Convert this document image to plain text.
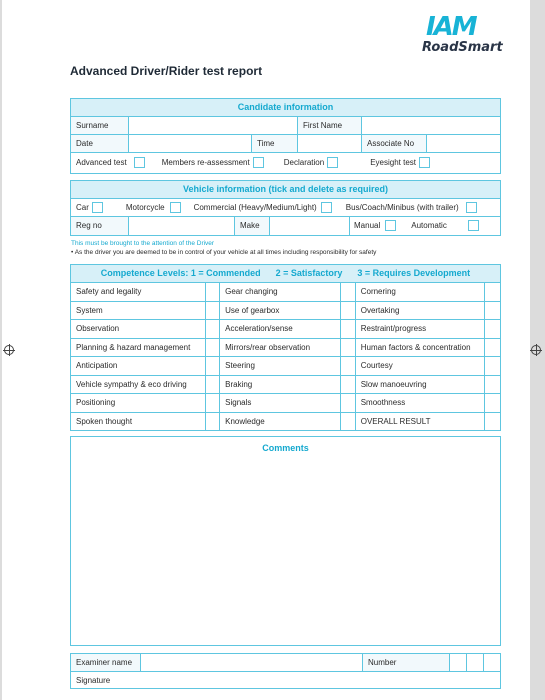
IAM
RoadSmart
Advanced Driver/Rider test report
Candidate information
Surname	First Name
Date	Time	Associate No
Advanced test	Members re-assessment	Declaration	Eyesight test
Vehicle information (tick and delete as required)
Car	Motorcycle	Commercial (Heavy/Medium/Light)	Bus/Coach/Minibus (with trailer)
Reg no	Make	Manual	Automatic
This must be brought to the attention of the Driver
• As the driver you are deemed to be in control of your vehicle at all times including responsibility for safety
Competence Levels: 1 = Commended      2 = Satisfactory      3 = Requires Development
Safety and legality	Gear changing	Cornering
System	Use of gearbox	Overtaking
Observation	Acceleration/sense	Restraint/progress
Planning & hazard management	Mirrors/rear observation	Human factors & concentration
Anticipation	Steering	Courtesy
Vehicle sympathy & eco driving	Braking	Slow manoeuvring
Positioning	Signals	Smoothness
Spoken thought	Knowledge	OVERALL RESULT
Comments
Examiner name	Number
Signature
